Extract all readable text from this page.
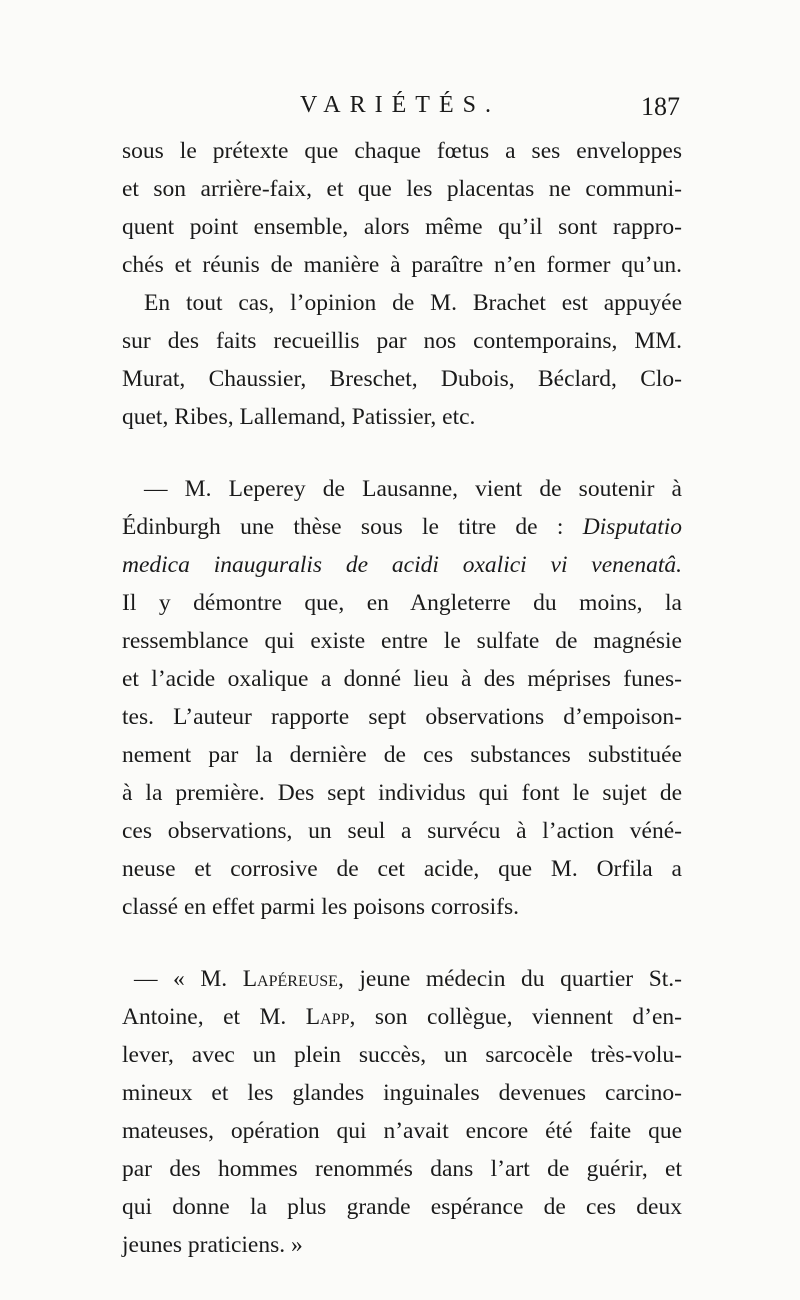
VARIÉTÉS.	187
sous le prétexte que chaque fœtus a ses enveloppes
et son arrière-faix, et que les placentas ne communi-
quent point ensemble, alors même qu’il sont rappro-
chés et réunis de manière à paraître n’en former qu’un.
En tout cas, l’opinion de M. Brachet est appuyée
sur des faits recueillis par nos contemporains, MM.
Murat, Chaussier, Breschet, Dubois, Béclard, Clo-
quet, Ribes, Lallemand, Patissier, etc.
— M. Leperey de Lausanne, vient de soutenir à
Édinburgh une thèse sous le titre de : Disputatio
medica inauguralis de acidi oxalici vi venenatâ.
Il y démontre que, en Angleterre du moins, la
ressemblance qui existe entre le sulfate de magnésie
et l’acide oxalique a donné lieu à des méprises funes-
tes. L’auteur rapporte sept observations d’empoison-
nement par la dernière de ces substances substituée
à la première. Des sept individus qui font le sujet de
ces observations, un seul a survécu à l’action véné-
neuse et corrosive de cet acide, que M. Orfila a
classé en effet parmi les poisons corrosifs.
— « M. Lapéreuse, jeune médecin du quartier St.-
Antoine, et M. Lapp, son collègue, viennent d’en-
lever, avec un plein succès, un sarcocèle très-volu-
mineux et les glandes inguinales devenues carcino-
mateuses, opération qui n’avait encore été faite que
par des hommes renommés dans l’art de guérir, et
qui donne la plus grande espérance de ces deux
jeunes praticiens. »
